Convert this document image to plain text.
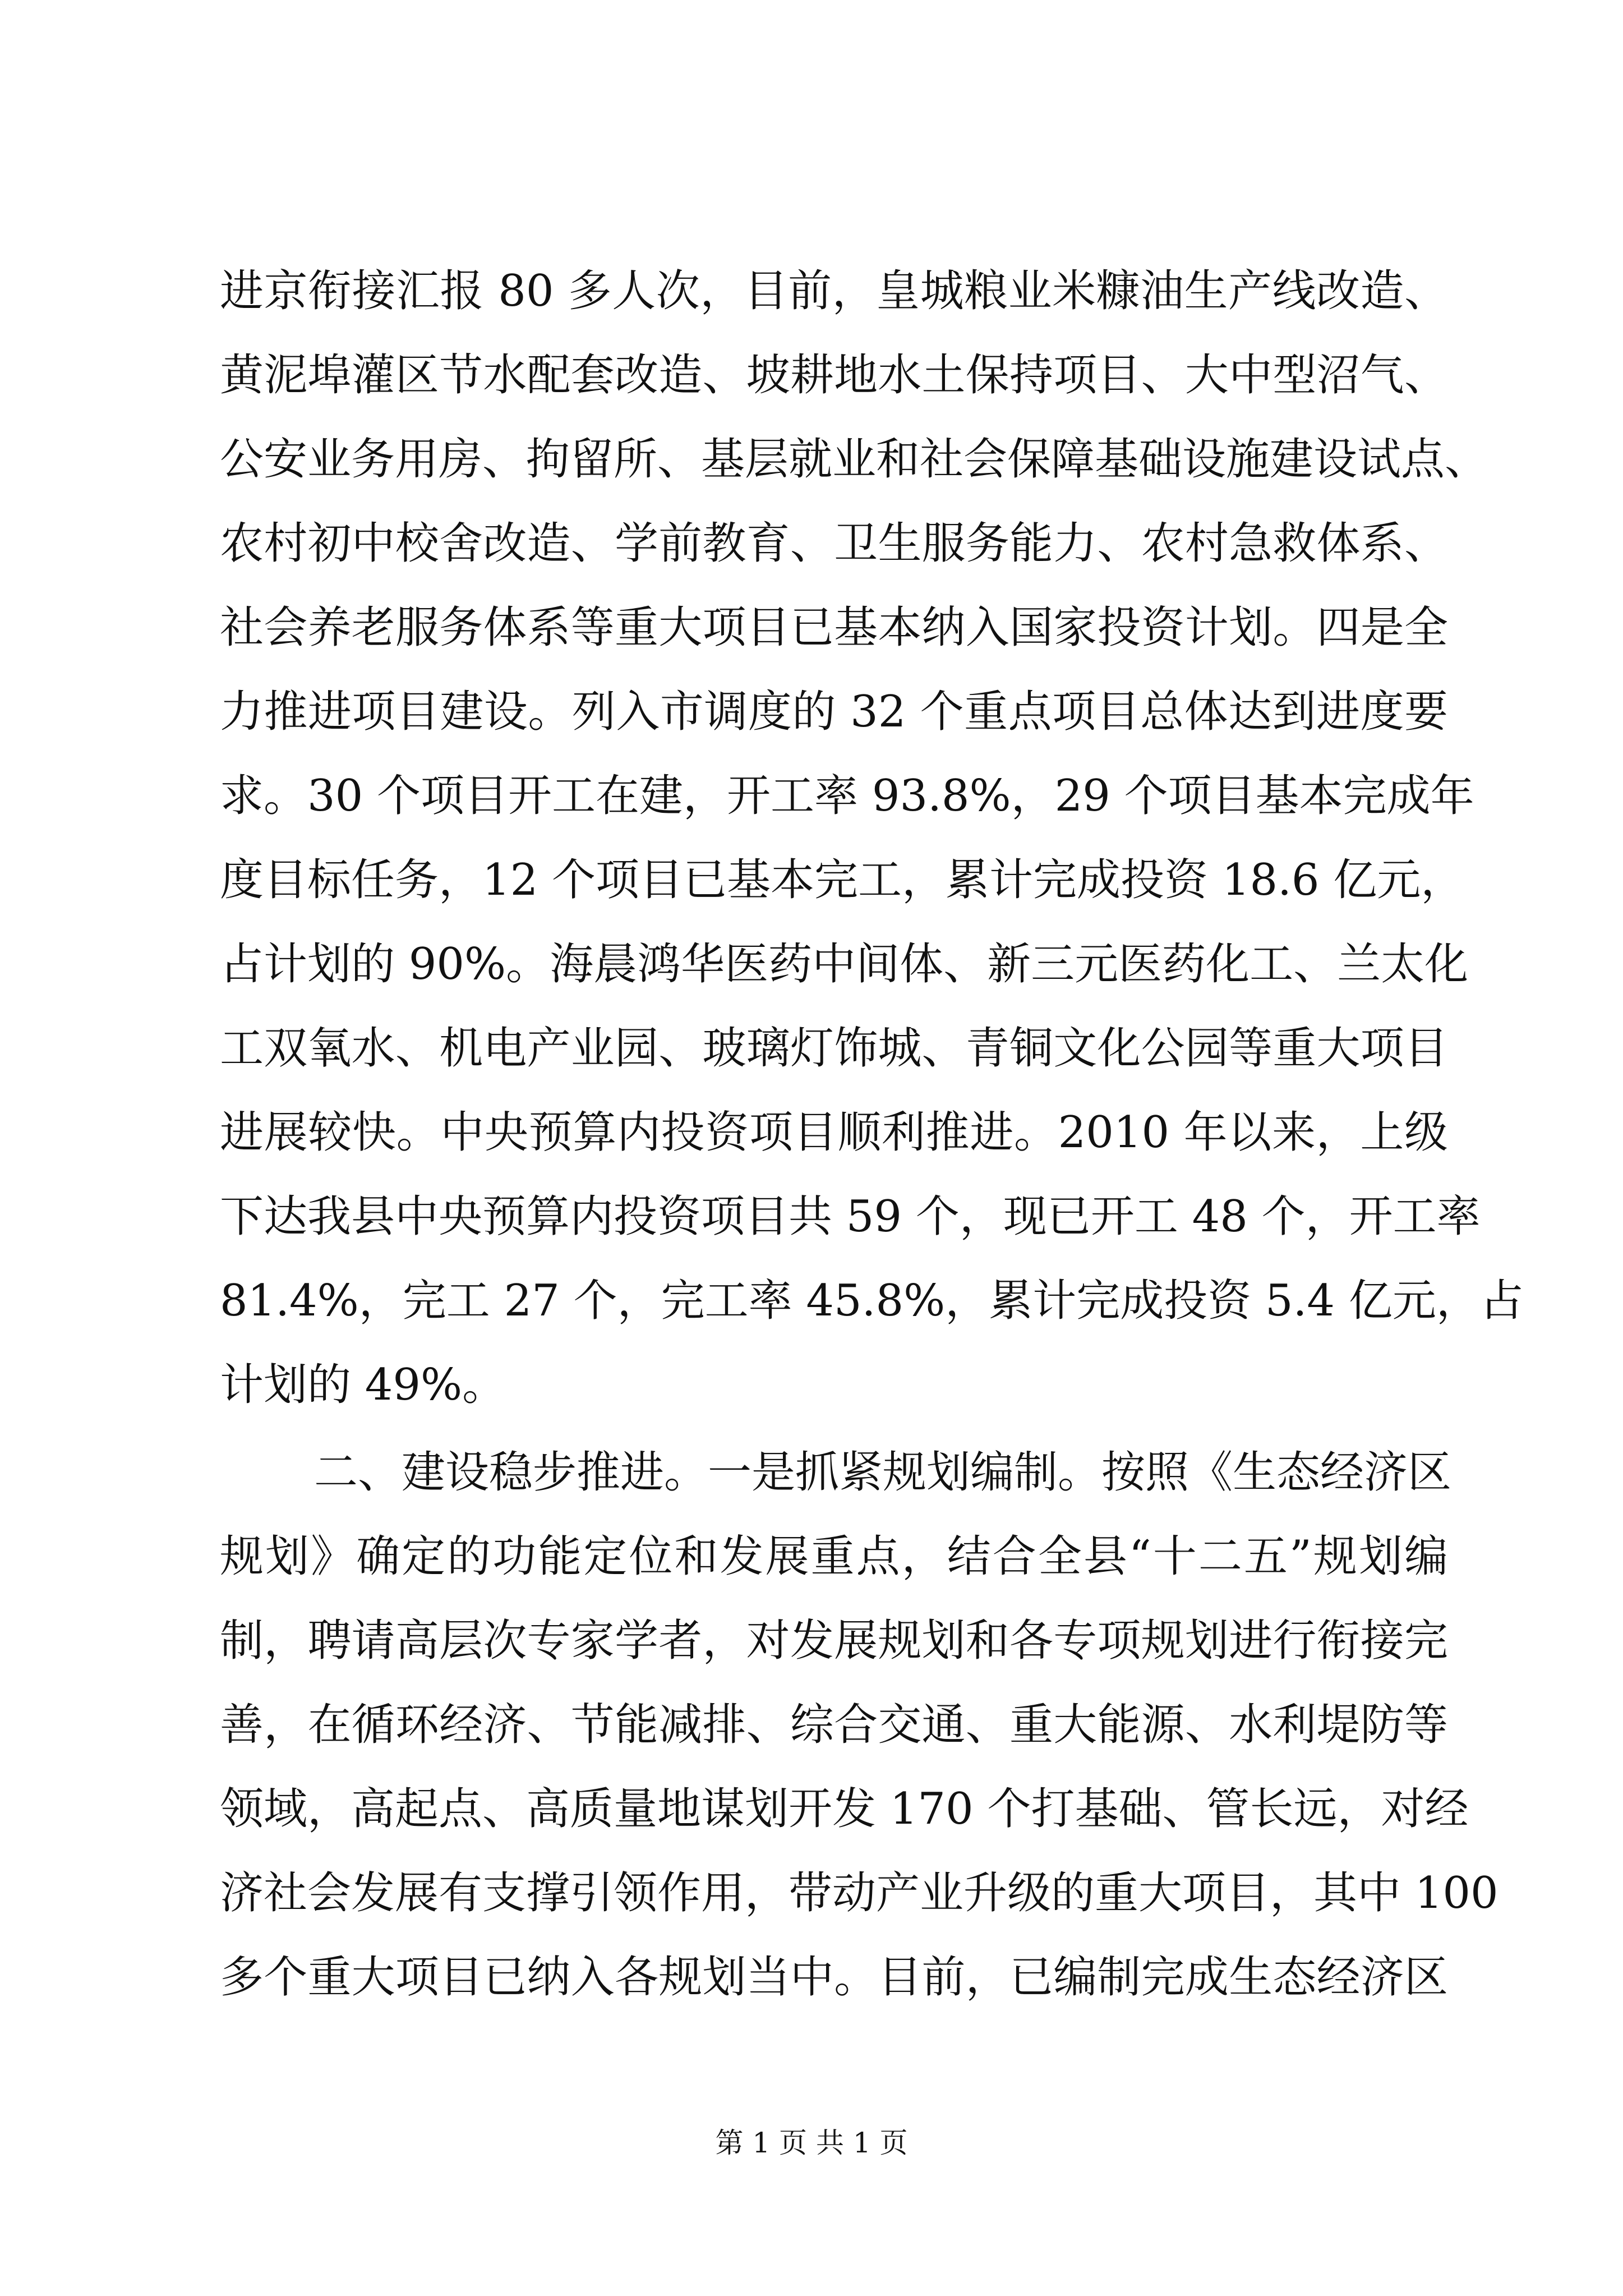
进京衔接汇报 80 多人次，目前，皇城粮业米糠油生产线改造、
黄泥埠灌区节水配套改造、坡耕地水土保持项目、大中型沼气、
公安业务用房、拘留所、基层就业和社会保障基础设施建设试点、
农村初中校舍改造、学前教育、卫生服务能力、农村急救体系、
社会养老服务体系等重大项目已基本纳入国家投资计划。四是全
力推进项目建设。列入市调度的 32 个重点项目总体达到进度要
求。30 个项目开工在建，开工率 93.8%，29 个项目基本完成年
度目标任务，12 个项目已基本完工，累计完成投资 18.6 亿元，
占计划的 90%。海晨鸿华医药中间体、新三元医药化工、兰太化
工双氧水、机电产业园、玻璃灯饰城、青铜文化公园等重大项目
进展较快。中央预算内投资项目顺利推进。2010 年以来，上级
下达我县中央预算内投资项目共 59 个，现已开工 48 个，开工率
81.4%，完工 27 个，完工率 45.8%，累计完成投资 5.4 亿元，占
计划的 49%。
二、建设稳步推进。一是抓紧规划编制。按照《生态经济区
规划》确定的功能定位和发展重点，结合全县“十二五”规划编
制，聘请高层次专家学者，对发展规划和各专项规划进行衔接完
善，在循环经济、节能减排、综合交通、重大能源、水利堤防等
领域，高起点、高质量地谋划开发 170 个打基础、管长远，对经
济社会发展有支撑引领作用，带动产业升级的重大项目，其中 100
多个重大项目已纳入各规划当中。目前，已编制完成生态经济区
第 1 页 共 1 页
